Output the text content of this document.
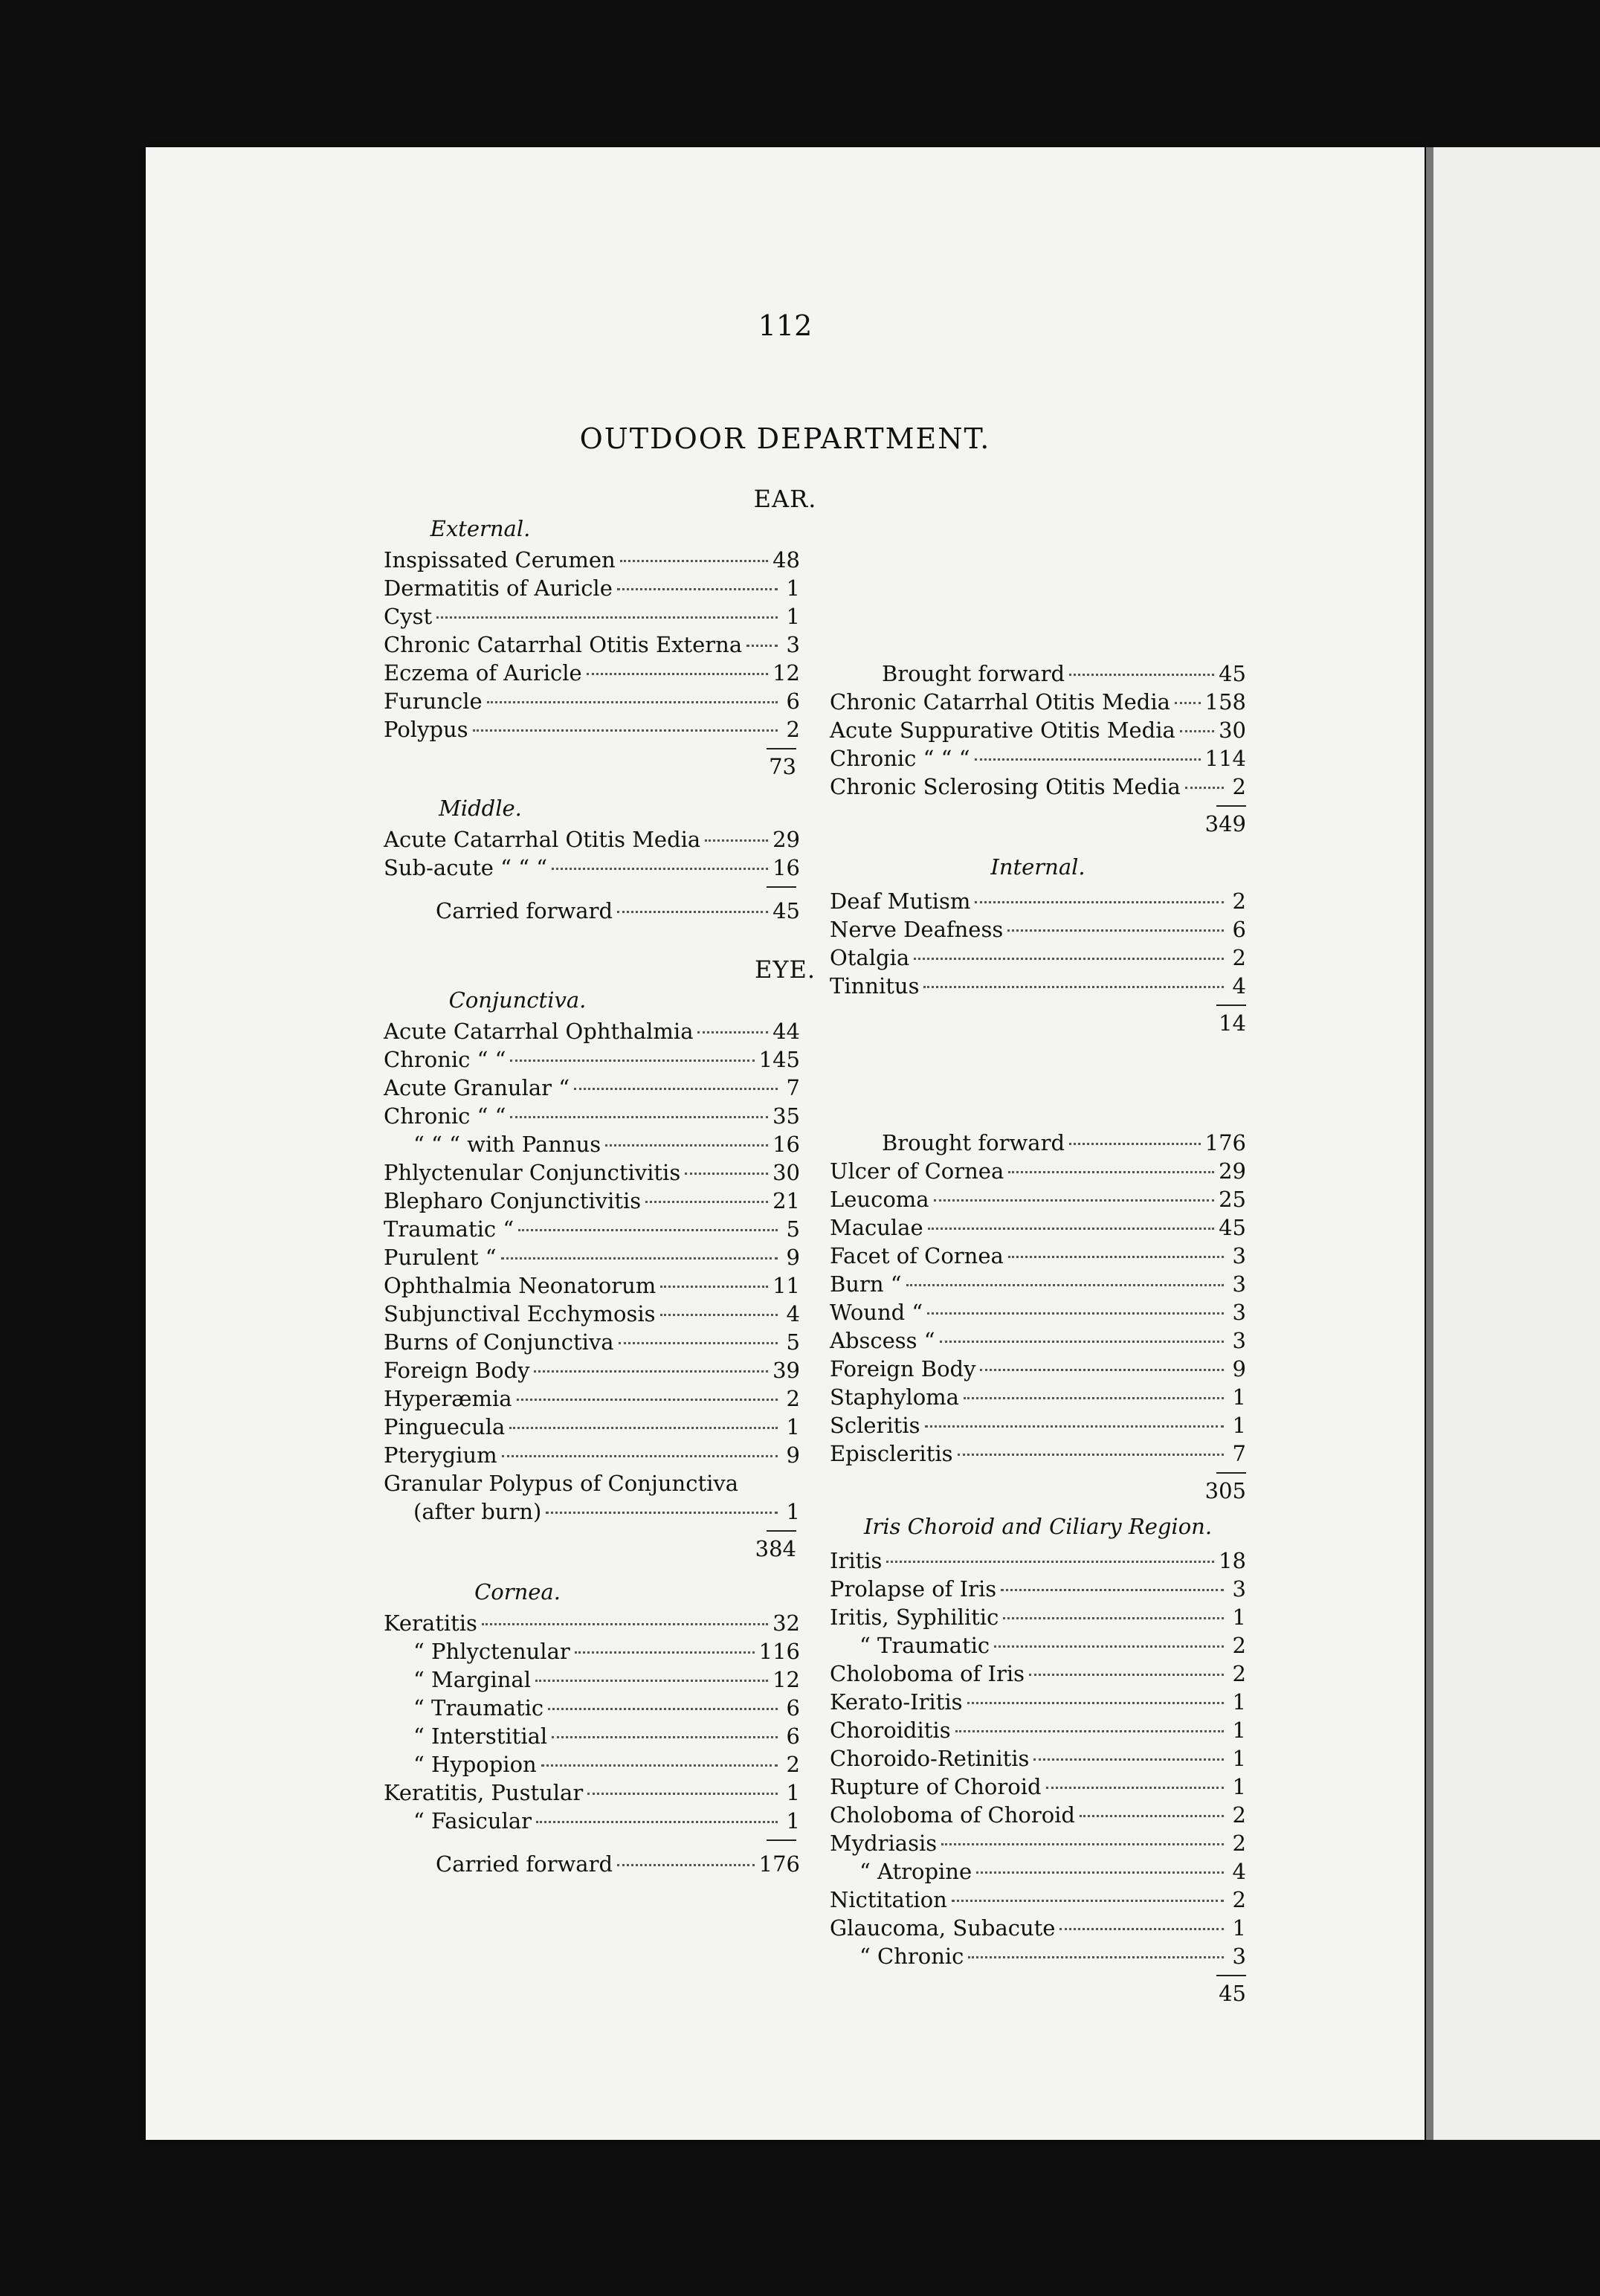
112
OUTDOOR DEPARTMENT.
EAR.
EYE.
External.
Inspissated Cerumen	48
Dermatitis of Auricle	1
Cyst	1
Chronic Catarrhal Otitis Externa 3
Eczema of Auricle	12
Furuncle	6
Polypus	2
73
Middle.
Acute Catarrhal Otitis Media	29
Sub-acute “ “ “	16
Carried forward	45
Brought forward	45
Chronic Catarrhal Otitis Media 158
Acute Suppurative Otitis Media 30
Chronic “ “ “	114
Chronic Sclerosing Otitis Media 2
349
Internal.
Deaf Mutism	2
Nerve Deafness	6
Otalgia	2
Tinnitus	4
14
Conjunctiva.
Acute Catarrhal Ophthalmia	44
Chronic “ “	145
Acute Granular “	7
Chronic “ “	35
“ “ “ with Pannus	16
Phlyctenular Conjunctivitis	30
Blepharo Conjunctivitis	21
Traumatic “	5
Purulent “	9
Ophthalmia Neonatorum	11
Subjunctival Ecchymosis	4
Burns of Conjunctiva	5
Foreign Body	39
Hyperæmia	2
Pinguecula	1
Pterygium	9
Granular Polypus of Conjunctiva
(after burn)	1
384
Cornea.
Keratitis	32
“ Phlyctenular	116
“ Marginal	12
“ Traumatic	6
“ Interstitial	6
“ Hypopion	2
Keratitis, Pustular	1
“ Fasicular	1
Carried forward	176
Brought forward	176
Ulcer of Cornea	29
Leucoma	25
Maculae	45
Facet of Cornea	3
Burn “	3
Wound “	3
Abscess “	3
Foreign Body	9
Staphyloma	1
Scleritis	1
Episcleritis	7
305
Iris Choroid and Ciliary Region.
Iritis	18
Prolapse of Iris	3
Iritis, Syphilitic	1
“ Traumatic	2
Choloboma of Iris	2
Kerato-Iritis	1
Choroiditis	1
Choroido-Retinitis	1
Rupture of Choroid	1
Choloboma of Choroid	2
Mydriasis	2
“ Atropine	4
Nictitation	2
Glaucoma, Subacute	1
“ Chronic	3
45
